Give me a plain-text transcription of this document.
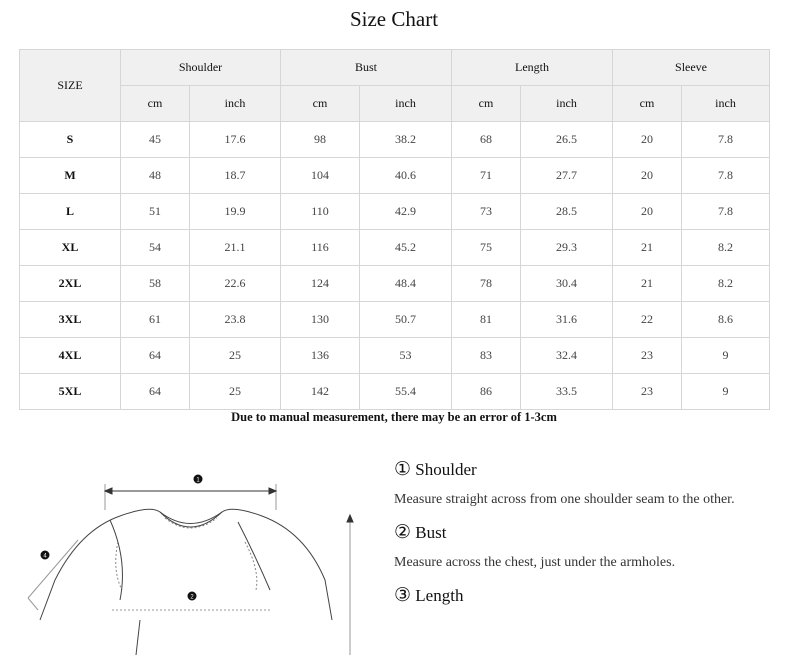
Size Chart
SIZE	Shoulder		Bust		Length		Sleeve	
	cm	inch	cm	inch	cm	inch	cm	inch
S	45	17.6	98	38.2	68	26.5	20	7.8
M	48	18.7	104	40.6	71	27.7	20	7.8
L	51	19.9	110	42.9	73	28.5	20	7.8
XL	54	21.1	116	45.2	75	29.3	21	8.2
2XL	58	22.6	124	48.4	78	30.4	21	8.2
3XL	61	23.8	130	50.7	81	31.6	22	8.6
4XL	64	25	136	53	83	32.4	23	9
5XL	64	25	142	55.4	86	33.5	23	9
Due to manual measurement, there may be an error of 1-3cm
1
2
4
① Shoulder

Measure straight across from one shoulder seam to the other.

② Bust

Measure across the chest, just under the armholes.

③ Length
